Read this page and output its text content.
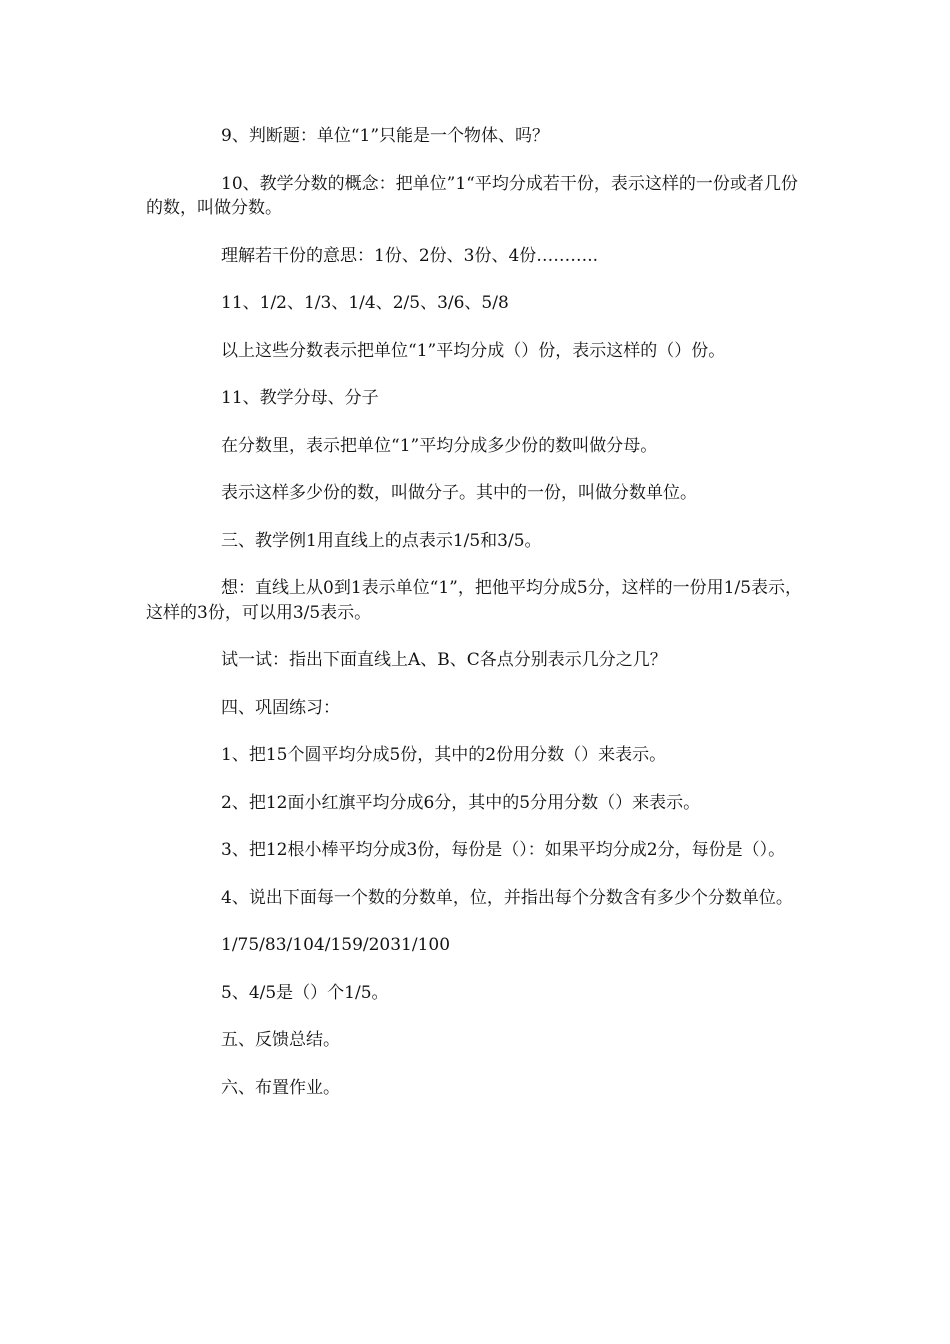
9、判断题：单位“1”只能是一个物体、吗？

10、教学分数的概念：把单位”1“平均分成若干份，表示这样的一份或者几份的数，叫做分数。

理解若干份的意思：1份、2份、3份、4份………..

11、1/2、1/3、1/4、2/5、3/6、5/8

以上这些分数表示把单位“1”平均分成（）份，表示这样的（）份。

11、教学分母、分子

在分数里，表示把单位“1”平均分成多少份的数叫做分母。

表示这样多少份的数，叫做分子。其中的一份，叫做分数单位。

三、教学例1用直线上的点表示1/5和3/5。

想：直线上从0到1表示单位“1”，把他平均分成5分，这样的一份用1/5表示，这样的3份，可以用3/5表示。

试一试：指出下面直线上A、B、C各点分别表示几分之几？

四、巩固练习：

1、把15个圆平均分成5份，其中的2份用分数（）来表示。

2、把12面小红旗平均分成6分，其中的5分用分数（）来表示。

3、把12根小棒平均分成3份，每份是（）：如果平均分成2分，每份是（）。

4、说出下面每一个数的分数单，位，并指出每个分数含有多少个分数单位。

1/75/83/104/159/2031/100

5、4/5是（）个1/5。

五、反馈总结。

六、布置作业。
